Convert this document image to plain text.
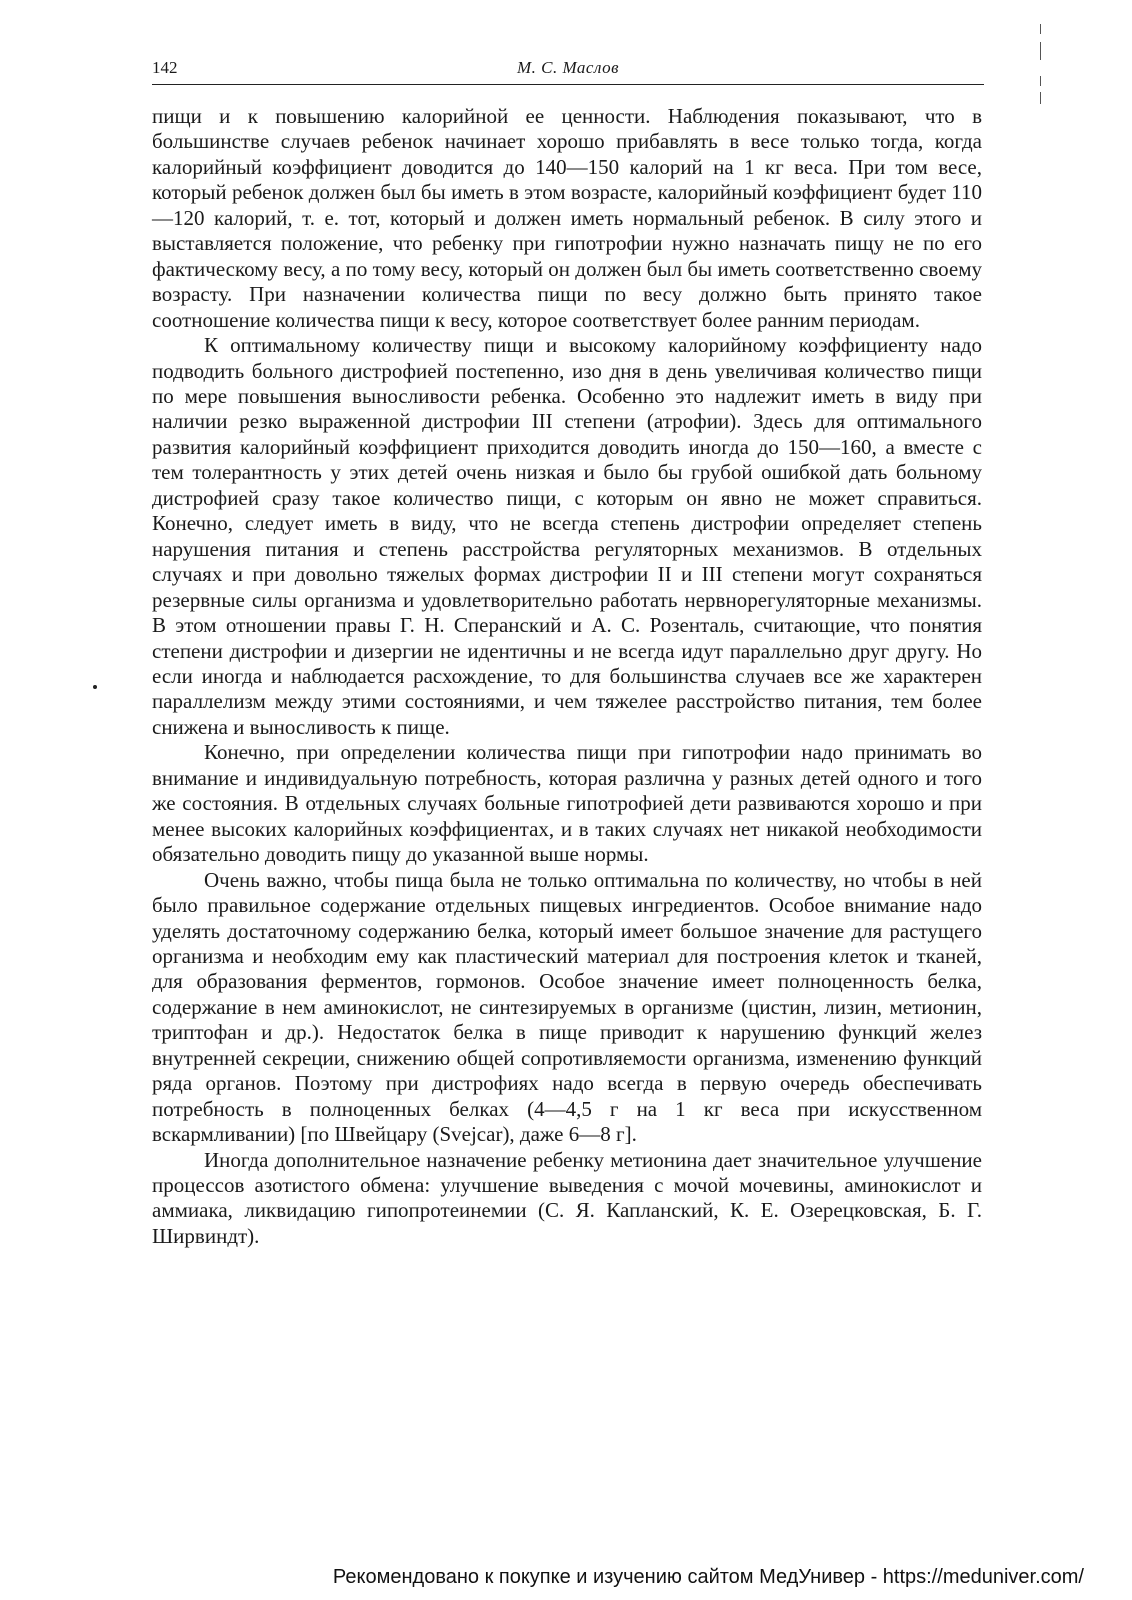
142	М. С. Маслов

пищи и к повышению калорийной ее ценности. Наблюдения показывают, что в большинстве случаев ребенок начинает хорошо прибавлять в весе только тогда, когда калорийный коэффициент доводится до 140—150 калорий на 1 кг веса. При том весе, который ребенок должен был бы иметь в этом возрасте, калорийный коэффициент будет 110—120 калорий, т. е. тот, который и должен иметь нормальный ребенок. В силу этого и выставляется положение, что ребенку при гипотрофии нужно назначать пищу не по его фактическому весу, а по тому весу, который он должен был бы иметь соответственно своему возрасту. При назначении количества пищи по весу должно быть принято такое соотношение количества пищи к весу, которое соответствует более ранним периодам.

К оптимальному количеству пищи и высокому калорийному коэффициенту надо подводить больного дистрофией постепенно, изо дня в день увеличивая количество пищи по мере повышения выносливости ребенка. Особенно это надлежит иметь в виду при наличии резко выраженной дистрофии III степени (атрофии). Здесь для оптимального развития калорийный коэффициент приходится доводить иногда до 150—160, а вместе с тем толерантность у этих детей очень низкая и было бы грубой ошибкой дать больному дистрофией сразу такое количество пищи, с которым он явно не может справиться. Конечно, следует иметь в виду, что не всегда степень дистрофии определяет степень нарушения питания и степень расстройства регуляторных механизмов. В отдельных случаях и при довольно тяжелых формах дистрофии II и III степени могут сохраняться резервные силы организма и удовлетворительно работать нервнорегуляторные механизмы. В этом отношении правы Г. Н. Сперанский и А. С. Розенталь, считающие, что понятия степени дистрофии и дизергии не идентичны и не всегда идут параллельно друг другу. Но если иногда и наблюдается расхождение, то для большинства случаев все же характерен параллелизм между этими состояниями, и чем тяжелее расстройство питания, тем более снижена и выносливость к пище.

Конечно, при определении количества пищи при гипотрофии надо принимать во внимание и индивидуальную потребность, которая различна у разных детей одного и того же состояния. В отдельных случаях больные гипотрофией дети развиваются хорошо и при менее высоких калорийных коэффициентах, и в таких случаях нет никакой необходимости обязательно доводить пищу до указанной выше нормы.

Очень важно, чтобы пища была не только оптимальна по количеству, но чтобы в ней было правильное содержание отдельных пищевых ингредиентов. Особое внимание надо уделять достаточному содержанию белка, который имеет большое значение для растущего организма и необходим ему как пластический материал для построения клеток и тканей, для образования ферментов, гормонов. Особое значение имеет полноценность белка, содержание в нем аминокислот, не синтезируемых в организме (цистин, лизин, метионин, триптофан и др.). Недостаток белка в пище приводит к нарушению функций желез внутренней секреции, снижению общей сопротивляемости организма, изменению функций ряда органов. Поэтому при дистрофиях надо всегда в первую очередь обеспечивать потребность в полноценных белках (4—4,5 г на 1 кг веса при искусственном вскармливании) [по Швейцару (Svejcar), даже 6—8 г].

Иногда дополнительное назначение ребенку метионина дает значительное улучшение процессов азотистого обмена: улучшение выведения с мочой мочевины, аминокислот и аммиака, ликвидацию гипопротеинемии (С. Я. Капланский, К. Е. Озерецковская, Б. Г. Ширвиндт).

Рекомендовано к покупке и изучению сайтом МедУнивер - https://meduniver.com/
